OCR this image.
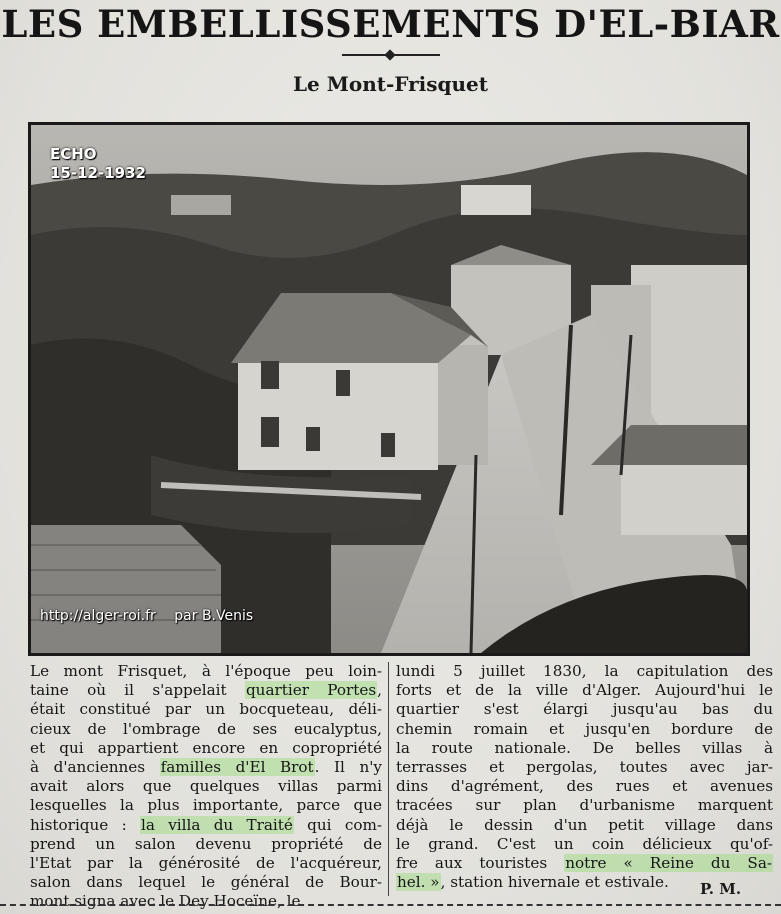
LES EMBELLISSEMENTS D'EL-BIAR
Le Mont-Frisquet
ECHO
15-12-1932
http://alger-roi.fr par B.Venis
Le mont Frisquet, à l'époque peu loin-
taine où il s'appelait quartier Portes,
était constitué par un bocqueteau, déli-
cieux de l'ombrage de ses eucalyptus,
et qui appartient encore en copropriété
à d'anciennes familles d'El Brot. Il n'y
avait alors que quelques villas parmi
lesquelles la plus importante, parce que
historique : la villa du Traité qui com-
prend un salon devenu propriété de
l'Etat par la générosité de l'acquéreur,
salon dans lequel le général de Bour-
mont signa avec le Dey Hoceïne, le
lundi 5 juillet 1830, la capitulation des
forts et de la ville d'Alger. Aujourd'hui le
quartier s'est élargi jusqu'au bas du
chemin romain et jusqu'en bordure de
la route nationale. De belles villas à
terrasses et pergolas, toutes avec jar-
dins d'agrément, des rues et avenues
tracées sur plan d'urbanisme marquent
déjà le dessin d'un petit village dans
le grand. C'est un coin délicieux qu'of-
fre aux touristes notre « Reine du Sa-
hel. », station hivernale et estivale.	P. M.
